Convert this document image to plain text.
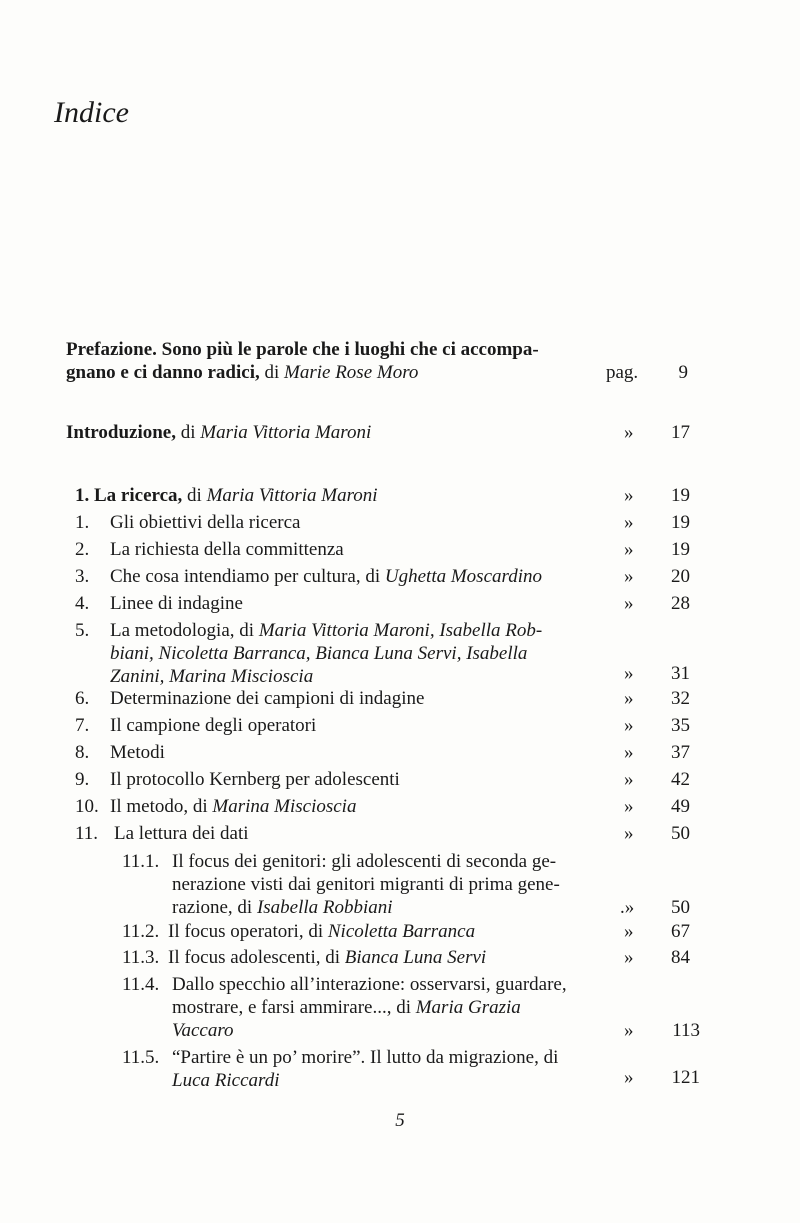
Indice
Prefazione. Sono più le parole che i luoghi che ci accompa-
gnano e ci danno radici, di Marie Rose Moro	pag.	9
Introduzione, di Maria Vittoria Maroni	»	17
1. La ricerca, di Maria Vittoria Maroni	»	19
1. Gli obiettivi della ricerca	»	19
2. La richiesta della committenza	»	19
3. Che cosa intendiamo per cultura, di Ughetta Moscardino	»	20
4. Linee di indagine	»	28
5. La metodologia, di Maria Vittoria Maroni, Isabella Rob-
biani, Nicoletta Barranca, Bianca Luna Servi, Isabella
Zanini, Marina Miscioscia	»	31
6. Determinazione dei campioni di indagine	»	32
7. Il campione degli operatori	»	35
8. Metodi	»	37
9. Il protocollo Kernberg per adolescenti	»	42
10. Il metodo, di Marina Miscioscia	»	49
11. La lettura dei dati	»	50
11.1. Il focus dei genitori: gli adolescenti di seconda ge-
nerazione visti dai genitori migranti di prima gene-
razione, di Isabella Robbiani	.»	50
11.2. Il focus operatori, di Nicoletta Barranca	»	67
11.3. Il focus adolescenti, di Bianca Luna Servi	»	84
11.4. Dallo specchio all’interazione: osservarsi, guardare,
mostrare, e farsi ammirare..., di Maria Grazia
Vaccaro	»	113
11.5. “Partire è un po’ morire”. Il lutto da migrazione, di
Luca Riccardi	»	121
5
